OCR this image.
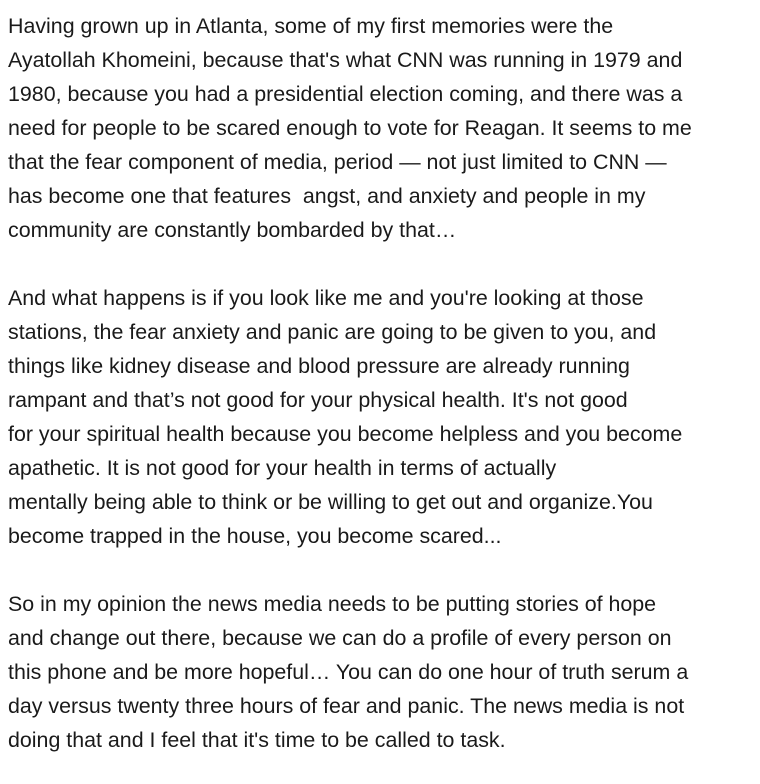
Having grown up in Atlanta, some of my first memories were the
Ayatollah Khomeini, because that's what CNN was running in 1979 and
1980, because you had a presidential election coming, and there was a
need for people to be scared enough to vote for Reagan. It seems to me
that the fear component of media, period — not just limited to CNN —
has become one that features  angst, and anxiety and people in my
community are constantly bombarded by that…

And what happens is if you look like me and you're looking at those
stations, the fear anxiety and panic are going to be given to you, and
things like kidney disease and blood pressure are already running
rampant and that’s not good for your physical health. It's not good
for your spiritual health because you become helpless and you become
apathetic. It is not good for your health in terms of actually
mentally being able to think or be willing to get out and organize.You
become trapped in the house, you become scared...

So in my opinion the news media needs to be putting stories of hope
and change out there, because we can do a profile of every person on
this phone and be more hopeful… You can do one hour of truth serum a
day versus twenty three hours of fear and panic. The news media is not
doing that and I feel that it's time to be called to task.
